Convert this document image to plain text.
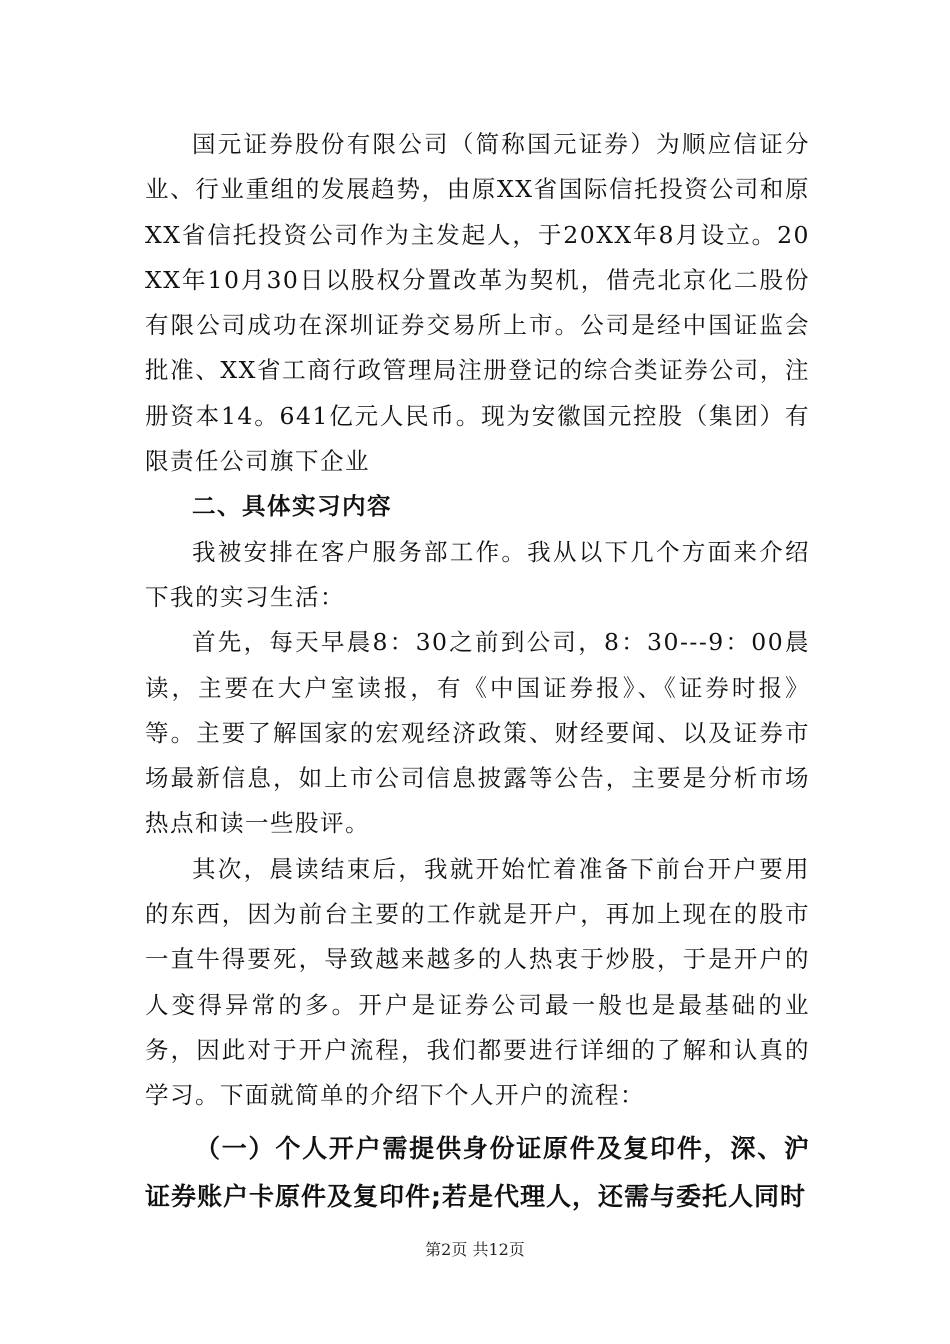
国元证券股份有限公司（简称国元证券）为顺应信证分业、行业重组的发展趋势，由原XX省国际信托投资公司和原XX省信托投资公司作为主发起人，于20XX年8月设立。20XX年10月30日以股权分置改革为契机，借壳北京化二股份有限公司成功在深圳证券交易所上市。公司是经中国证监会批准、XX省工商行政管理局注册登记的综合类证券公司，注册资本14。641亿元人民币。现为安徽国元控股（集团）有限责任公司旗下企业

二、具体实习内容

我被安排在客户服务部工作。我从以下几个方面来介绍下我的实习生活：

首先，每天早晨8：30之前到公司，8：30---9：00晨读，主要在大户室读报，有《中国证券报》、《证券时报》等。主要了解国家的宏观经济政策、财经要闻、以及证券市场最新信息，如上市公司信息披露等公告，主要是分析市场热点和读一些股评。

其次，晨读结束后，我就开始忙着准备下前台开户要用的东西，因为前台主要的工作就是开户，再加上现在的股市一直牛得要死，导致越来越多的人热衷于炒股，于是开户的人变得异常的多。开户是证券公司最一般也是最基础的业务，因此对于开户流程，我们都要进行详细的了解和认真的学习。下面就简单的介绍下个人开户的流程：

（一）个人开户需提供身份证原件及复印件，深、沪证券账户卡原件及复印件;若是代理人，还需与委托人同时

第2页 共12页
